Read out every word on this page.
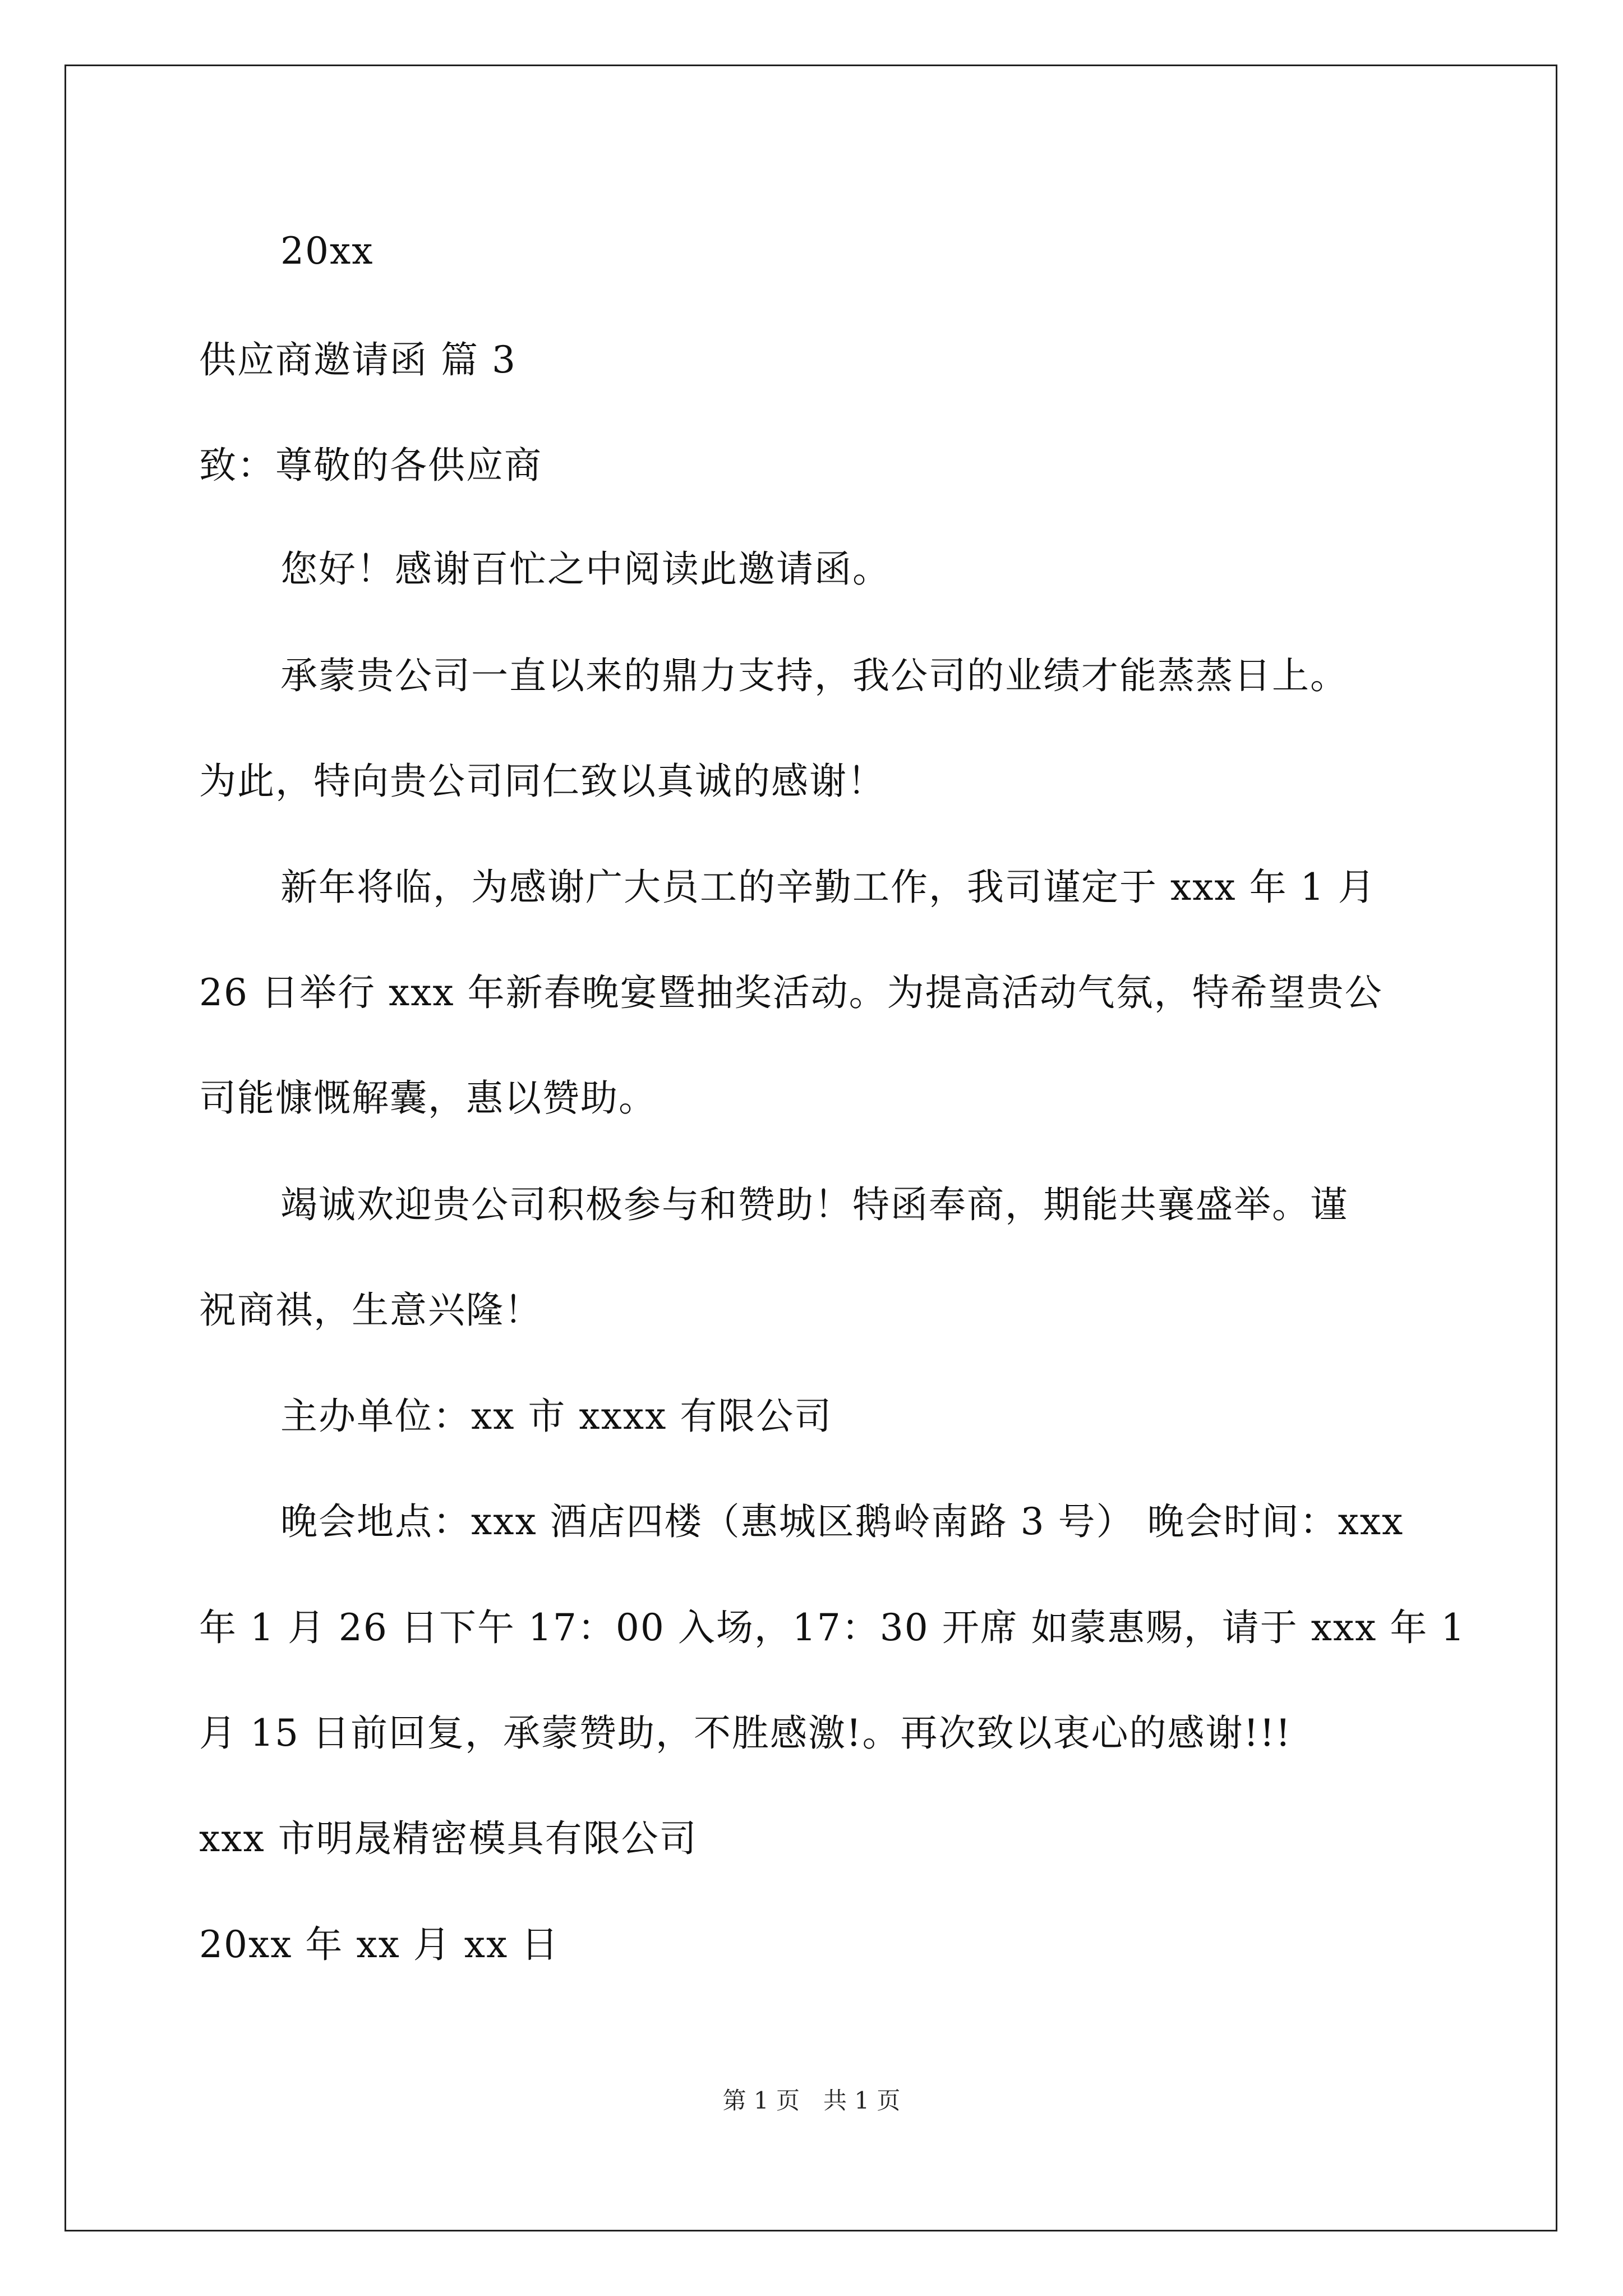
20xx
供应商邀请函 篇 3
致：尊敬的各供应商
您好！感谢百忙之中阅读此邀请函。
承蒙贵公司一直以来的鼎力支持，我公司的业绩才能蒸蒸日上。
为此，特向贵公司同仁致以真诚的感谢！
新年将临，为感谢广大员工的辛勤工作，我司谨定于 xxx 年 1 月
26 日举行 xxx 年新春晚宴暨抽奖活动。为提高活动气氛，特希望贵公
司能慷慨解囊，惠以赞助。
竭诚欢迎贵公司积极参与和赞助！特函奉商，期能共襄盛举。谨
祝商祺，生意兴隆！
主办单位：xx 市 xxxx 有限公司
晚会地点：xxx 酒店四楼（惠城区鹅岭南路 3 号） 晚会时间：xxx
年 1 月 26 日下午 17：00 入场，17：30 开席 如蒙惠赐，请于 xxx 年 1
月 15 日前回复，承蒙赞助，不胜感激!。再次致以衷心的感谢!!!
xxx 市明晟精密模具有限公司
20xx 年 xx 月 xx 日
第 1 页　共 1 页
